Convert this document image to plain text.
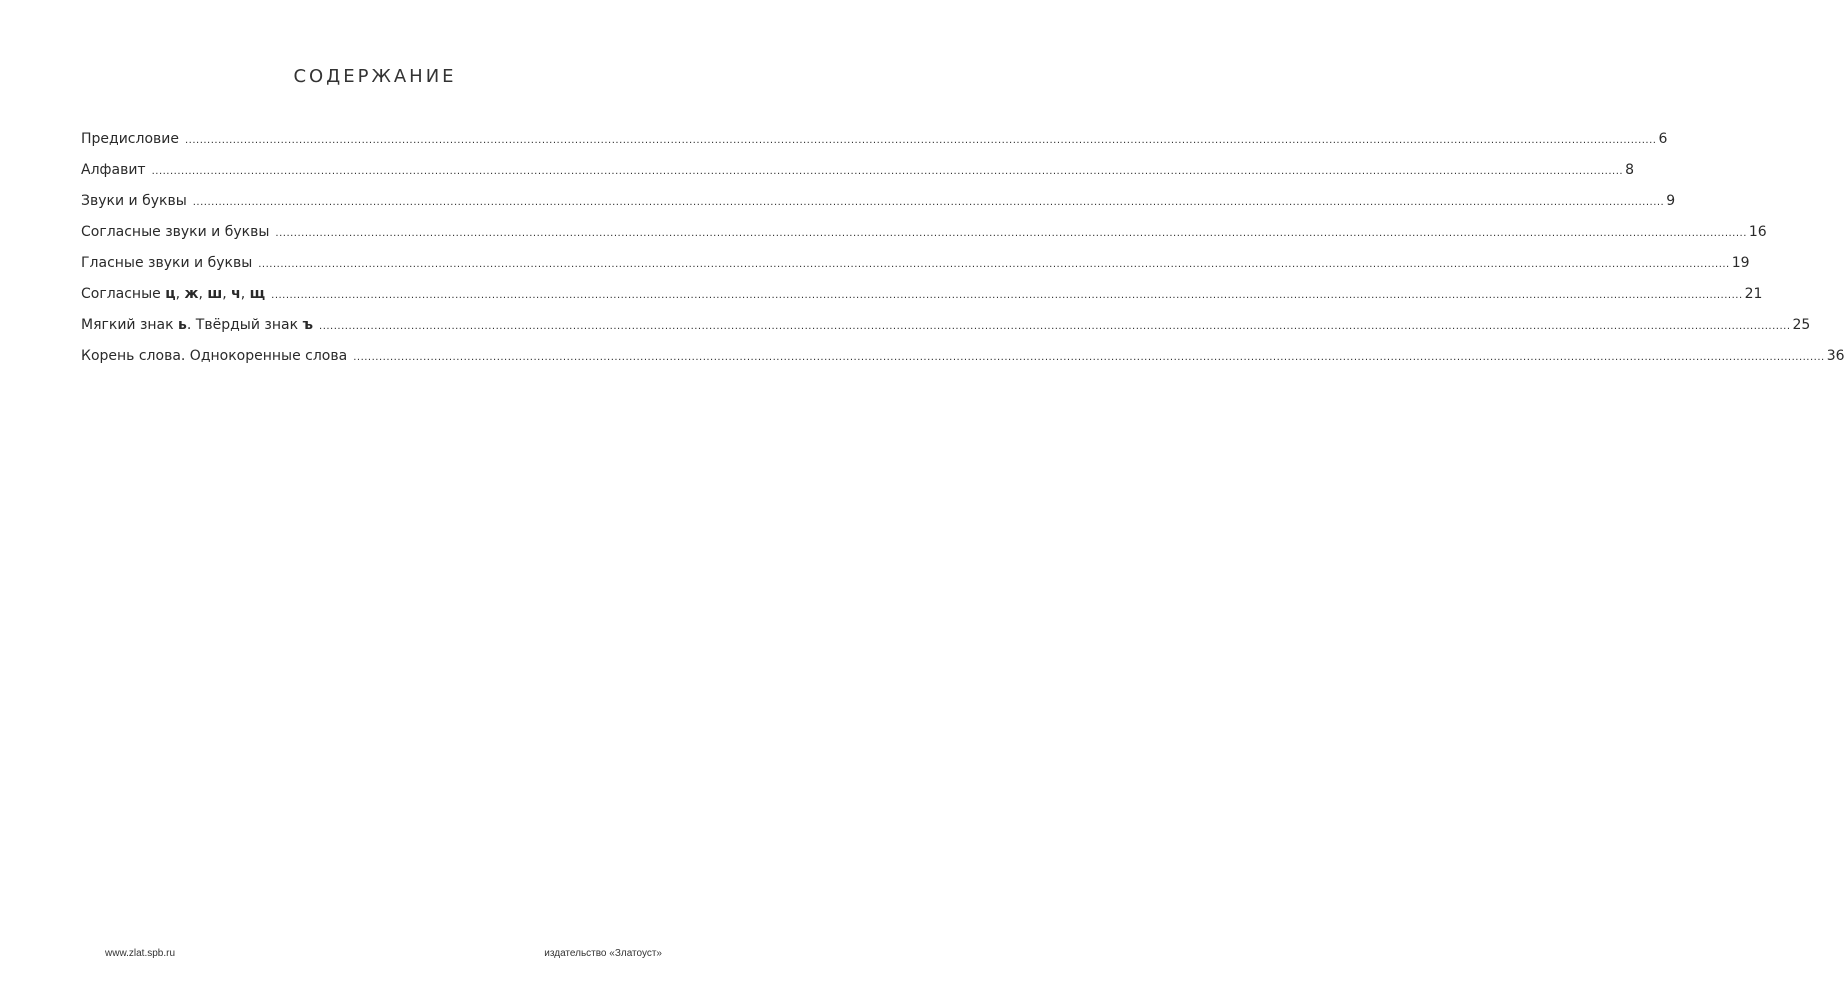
СОДЕРЖАНИЕ
Предисловие ................................................................................................................................................................................................................................................................................................................................................................................................................ 6
Алфавит ................................................................................................................................................................................................................................................................................................................................................................................................................ 8
Звуки и буквы ................................................................................................................................................................................................................................................................................................................................................................................................................ 9
Согласные звуки и буквы ................................................................................................................................................................................................................................................................................................................................................................................................................ 16
Гласные звуки и буквы ................................................................................................................................................................................................................................................................................................................................................................................................................ 19
Согласные ц, ж, ш, ч, щ ................................................................................................................................................................................................................................................................................................................................................................................................................ 21
Мягкий знак ь. Твёрдый знак ъ ................................................................................................................................................................................................................................................................................................................................................................................................................ 25
Корень слова. Однокоренные слова ................................................................................................................................................................................................................................................................................................................................................................................................................ 36
www.zlat.spb.ru	издательство «Златоуст»
